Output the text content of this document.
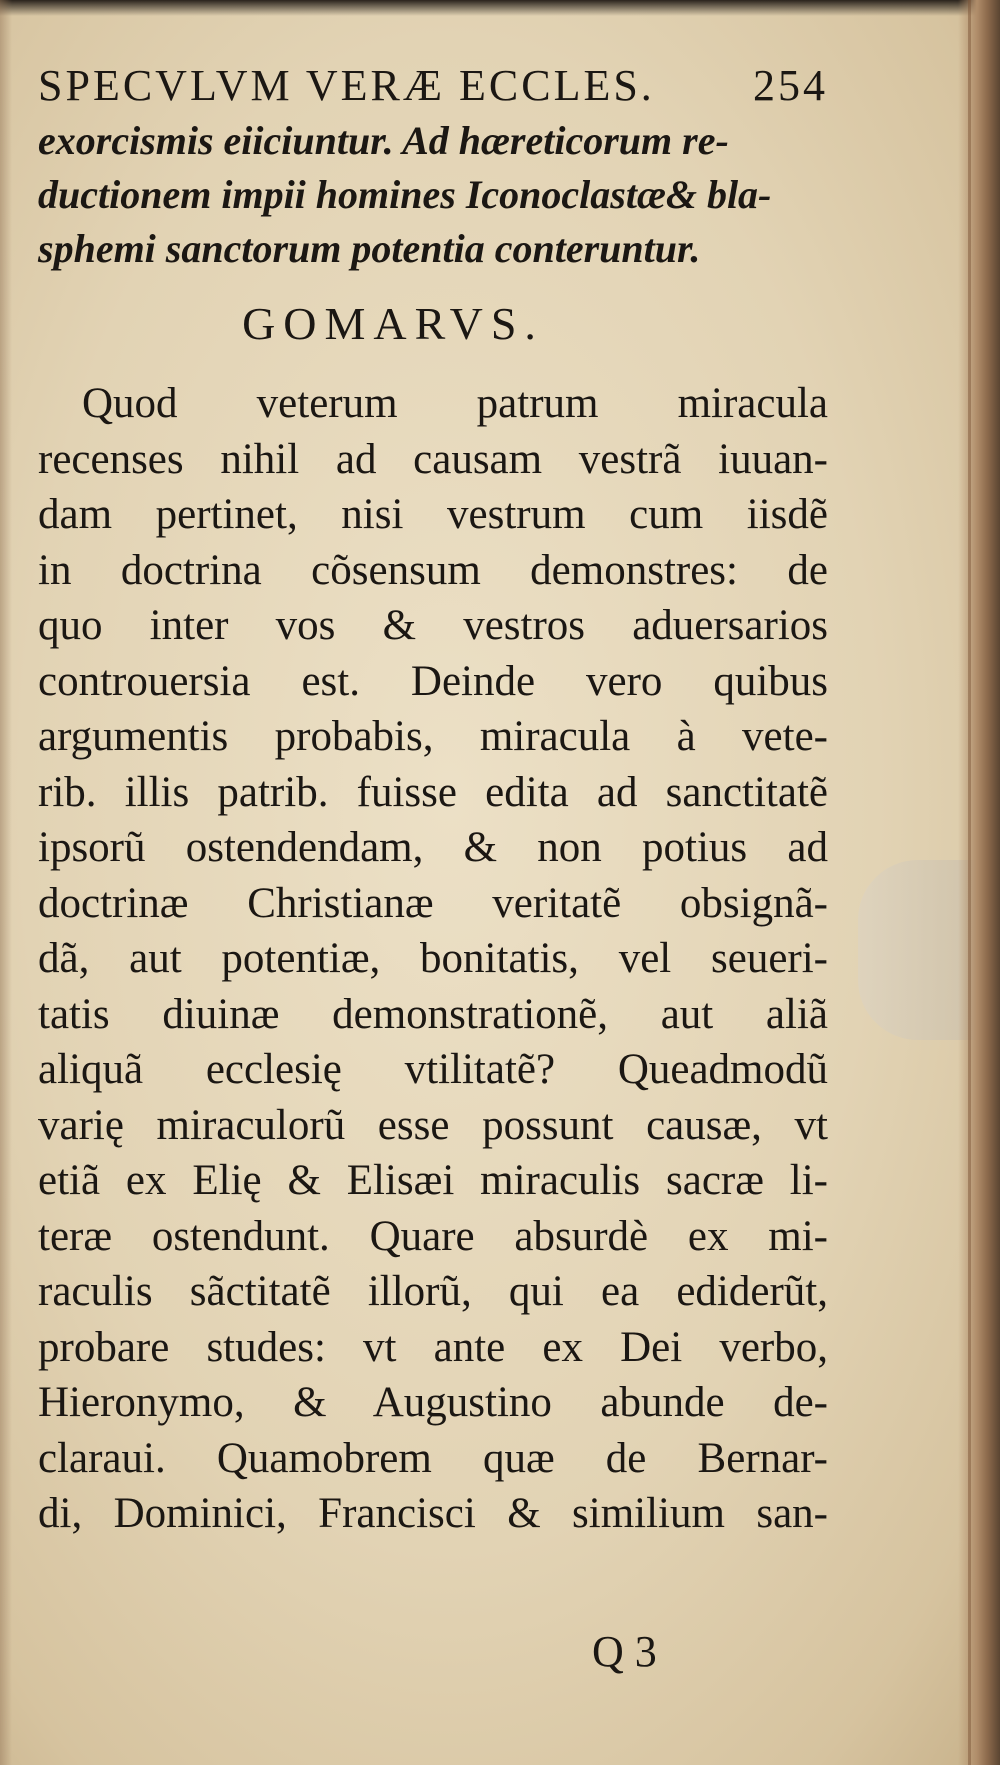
SPECVLVM VERÆ ECCLES. 254
exorcismis eiiciuntur. Ad hæreticorum re-
ductionem impii homines Iconoclastæ& bla-
sphemi sanctorum potentia conteruntur.
GOMARVS.
Quod veterum patrum miracula
recenses nihil ad causam vestrã iuuan-
dam pertinet, nisi vestrum cum iisdẽ
in doctrina cõsensum demonstres: de
quo inter vos & vestros aduersarios
controuersia est. Deinde vero quibus
argumentis probabis, miracula à vete-
rib. illis patrib. fuisse edita ad sanctitatẽ
ipsorũ ostendendam, & non potius ad
doctrinæ Christianæ veritatẽ obsignã-
dã, aut potentiæ, bonitatis, vel seueri-
tatis diuinæ demonstrationẽ, aut aliã
aliquã ecclesię vtilitatẽ? Queadmodũ
varię miraculorũ esse possunt causæ, vt
etiã ex Elię & Elisæi miraculis sacræ li-
teræ ostendunt. Quare absurdè ex mi-
raculis sãctitatẽ illorũ, qui ea ediderũt,
probare studes: vt ante ex Dei verbo,
Hieronymo, & Augustino abunde de-
claraui. Quamobrem quæ de Bernar-
di, Dominici, Francisci & similium san-
Q 3
